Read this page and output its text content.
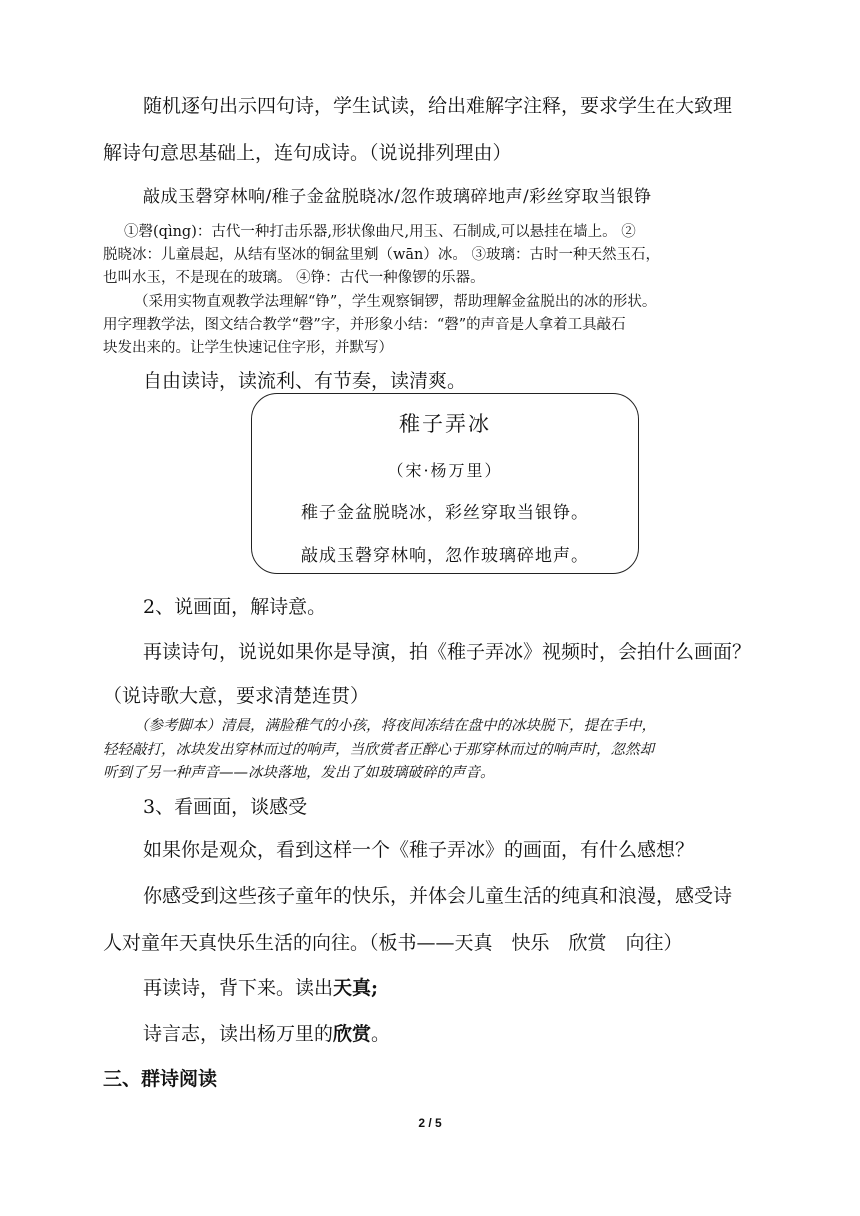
随机逐句出示四句诗，学生试读，给出难解字注释，要求学生在大致理
解诗句意思基础上，连句成诗。（说说排列理由）
敲成玉磬穿林响/稚子金盆脱晓冰/忽作玻璃碎地声/彩丝穿取当银铮
①磬(qìng)：古代一种打击乐器,形状像曲尺,用玉、石制成,可以悬挂在墙上。 ②
脱晓冰：儿童晨起，从结有坚冰的铜盆里剜（wān）冰。 ③玻璃：古时一种天然玉石，
也叫水玉，不是现在的玻璃。 ④铮：古代一种像锣的乐器。
（采用实物直观教学法理解“铮”，学生观察铜锣，帮助理解金盆脱出的冰的形状。
用字理教学法，图文结合教学“磬”字，并形象小结：“磬”的声音是人拿着工具敲石
块发出来的。让学生快速记住字形，并默写）
自由读诗，读流利、有节奏，读清爽。
稚子弄冰
（宋·杨万里）
稚子金盆脱晓冰，彩丝穿取当银铮。
敲成玉磬穿林响，忽作玻璃碎地声。
2、说画面，解诗意。
再读诗句，说说如果你是导演，拍《稚子弄冰》视频时，会拍什么画面？
（说诗歌大意，要求清楚连贯）
（参考脚本）清晨，满脸稚气的小孩，将夜间冻结在盘中的冰块脱下，提在手中，
轻轻敲打，冰块发出穿林而过的响声，当欣赏者正醉心于那穿林而过的响声时，忽然却
听到了另一种声音——冰块落地，发出了如玻璃破碎的声音。
3、看画面，谈感受
如果你是观众，看到这样一个《稚子弄冰》的画面，有什么感想？
你感受到这些孩子童年的快乐，并体会儿童生活的纯真和浪漫，感受诗
人对童年天真快乐生活的向往。（板书——天真　快乐　欣赏　向往）
再读诗，背下来。读出天真;
诗言志，读出杨万里的欣赏。
三、群诗阅读
2 / 5
